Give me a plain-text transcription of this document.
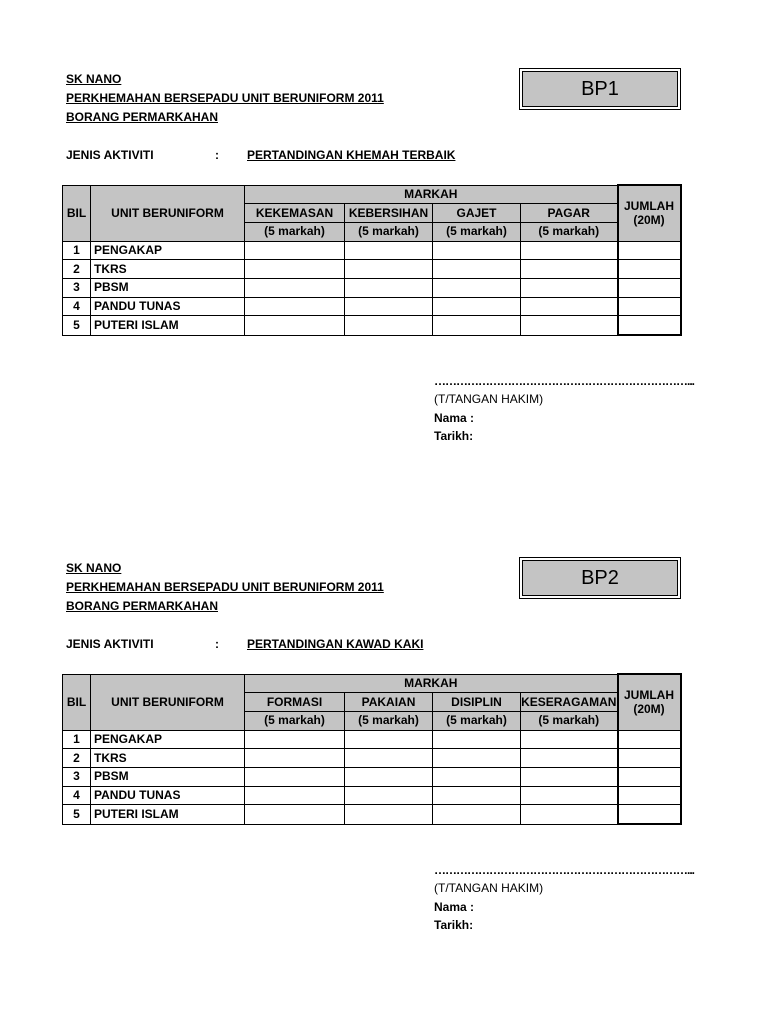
SK NANO
PERKHEMAHAN BERSEPADU UNIT BERUNIFORM 2011
BORANG PERMARKAHAN
BP1
JENIS AKTIVITI	: PERTANDINGAN KHEMAH TERBAIK
BIL	UNIT BERUNIFORM	MARKAH				JUMLAH (20M)
		KEKEMASAN	KEBERSIHAN	GAJET	PAGAR	
		(5 markah)	(5 markah)	(5 markah)	(5 markah)	
1	PENGAKAP					
2	TKRS					
3	PBSM					
4	PANDU TUNAS					
5	PUTERI ISLAM					
……………………………………………………………...
(T/TANGAN HAKIM)
Nama :
Tarikh:
SK NANO
PERKHEMAHAN BERSEPADU UNIT BERUNIFORM 2011
BORANG PERMARKAHAN
BP2
JENIS AKTIVITI	: PERTANDINGAN KAWAD KAKI
BIL	UNIT BERUNIFORM	MARKAH				JUMLAH (20M)
		FORMASI	PAKAIAN	DISIPLIN	KESERAGAMAN	
		(5 markah)	(5 markah)	(5 markah)	(5 markah)	
1	PENGAKAP					
2	TKRS					
3	PBSM					
4	PANDU TUNAS					
5	PUTERI ISLAM					
……………………………………………………………...
(T/TANGAN HAKIM)
Nama :
Tarikh:
